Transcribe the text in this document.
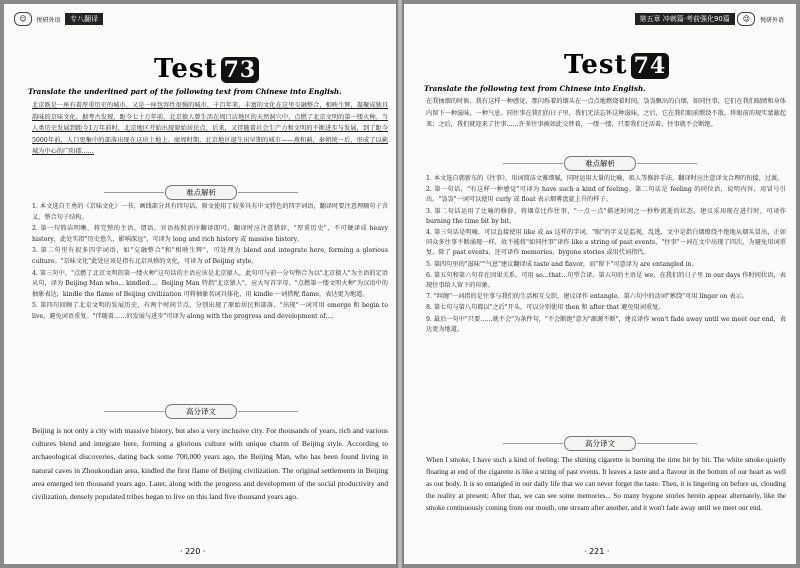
☺ 悦研外语 专八翻译
Test 73
Translate the underlined part of the following text from Chinese into English.
北京既是一座有着厚重历史的城市，又是一座包容性很强的城市，千百年来，丰富的文化在这里交融整合，相映生辉，凝聚成独具韵味的京味文化。据考古发现，距今七十万年前，北京猿人曾生活在周口店地区的天然洞穴中，点燃了北京文明的第一缕火种。当人类历史发展到距今1万年前时，北京地区开始出现原始居民点，后来，又伴随着社会生产力和文明的不断进步与发展，到了距今5000年前，人口更集中的部落出现在这块土地上。商周时期，北京地区诞生出早期的城市——燕和蓟，秦朝统一后，形成了以蓟城为中心的广阳郡……
难点解析
1. 本文选自王勇的《京味文化》一书，画线部分共有四句话，原文使用了较多具有中文特色的四字词语，翻译时要注意理顺句子含义，整合句子结构。
2. 第一句简洁明晰，将完整的主语、谓语、宾语按照语序翻译即可。翻译时应注意措辞，"厚重历史"，不可硬译成 heavy history，此处实指"历史悠久，影响深远"，可译为 long and rich history 或 massive history。
3. 第二句里有很多四字词语，如"交融整合"和"相映生辉"，可处理为 blend and integrate here, forming a glorious culture。"京味文化"此处应该是指有北京风格的文化，可译为 of Beijing style。
4. 第三句中，"点燃了北京文明的第一缕火种"这句话的主语应该是北京猿人，此句可与前一分句整合为以"北京猿人"为主语的定语从句，译为 Beijing Man who... kindled...。Beijing Man 特指"北京猿人"，应大写首字母。"点燃第一缕文明火种"为汉语中的抽象表达，kindle the flame of Beijing civilization 可将抽象名词具体化，用 kindle 一词搭配 flame，表达更为地道。
5. 第四句回顾了北京文明的发展历史，有两个时间节点，分别出现了原始居民和部落，"出现"一词可用 emerge 和 begin to live，避免词语重复。"伴随着……的发展与进步"可译为 along with the progress and development of...。
高分译文
Beijing is not only a city with massive history, but also a very inclusive city. For thousands of years, rich and various cultures blend and integrate here, forming a glorious culture with unique charm of Beijing style. According to archaeological discoveries, dating back some 700,000 years ago, the Beijing Man, who has been found living in natural caves in Zhoukoudian area, kindled the first flame of Beijing civilization. The original settlements in Beijing area emerged ten thousand years ago. Later, along with the progress and development of the social productivity and civilization, densely populated tribes began to live on this land five thousand years ago.
· 220 ·
第五章 冲刺篇·考前强化90篇 ☺ 悦研外语
Test 74
Translate the following text from Chinese into English.
在我抽烟的时候，我有这样一种感觉，那闪烁着的烟头在一点点地燃烧着时间，袅袅飘出的白烟，如同往事，它们在我们眼睛和身体内留下一种滋味，一种气息。同往事在我们的日子里，我们无法忘怀这种滋味，之后，它在我们眼前缭绕不散，将眼前的现实蒙蔽起来；之后，我们就迎来了往事……许多往事被如此交替着，一缕一缕，只要我们还活着，往事就不会断绝。
难点解析
1. 本文选自韩新东的《往事》，用词简洁文雅细腻，同时运用大量的比喻，拟人等修辞手法，翻译时应注意译文合理的衔接，过渡。
2. 第一句话，"有这样一种感觉"可译为 have such a kind of feeling。第二句话是 feeling 的同位语，说明内容，用冒号引出。"袅袅"一词可以使用 curly 或 float 表示烟雾盘旋上升的样子。
3. 第二句话运用了比喻的修辞，将烟草比作往事，"一点一点"描述时间之一秒秒流逝的状态，建议采用现在进行时，可译作 burning the time bit by bit。
4. 第三句话是明喻，可以直接使用 like 或 as 这样的字词，"眼"的字义是监视，乱逃，文中是指白烟缭绕不绝地从烟头冒出，正如同众多往事不断涌现一样，故不能将"如同往事"译作 like a string of past events，"往事"一词在文中出现了四次，为避免用词重复，除了 past events，还可译作 memories，bygone stories 或用代词指代。
5. 第四句里的"滋味""气息"建议翻译成 taste and flavor，而"留下"可意译为 are entangled in。
6. 第五句和第六句存在因果关系，可用 so...that...句型合译。第五句的主语是 we，在我们的日子里 in our days 作时间状语，表现往事给人留下的印象。
7. "纠缠"一词指的是往事与我们的生活相互交织，建议译作 entangle。第六句中的动词"萦绕"可用 linger on 表示。
8. 第七句与第八句都以"之后"开头，可以分别使用 then 和 after that 避免用词重复。
9. 最后一句中"只要……就不会"为条件句，"不会断绝"意为"源源不断"，建议译作 won't fade away until we meet our end，表达更为地道。
高分译文
When I smoke, I have such a kind of feeling: The shining cigarette is burning the time bit by bit. The white smoke quietly floating at end of the cigarette is like a string of past events. It leaves a taste and a flavour in the bottom of our heart as well as our body. It is so entangled in our daily life that we can never forget the taste. Then, it is lingering on before us, clouding the reality at present; After that, we can see some memories... So many bygone stories herein appear alternately, like the smoke continuously coming from our mouth, one stream after another, and it won't fade away until we meet our end.
· 221 ·
